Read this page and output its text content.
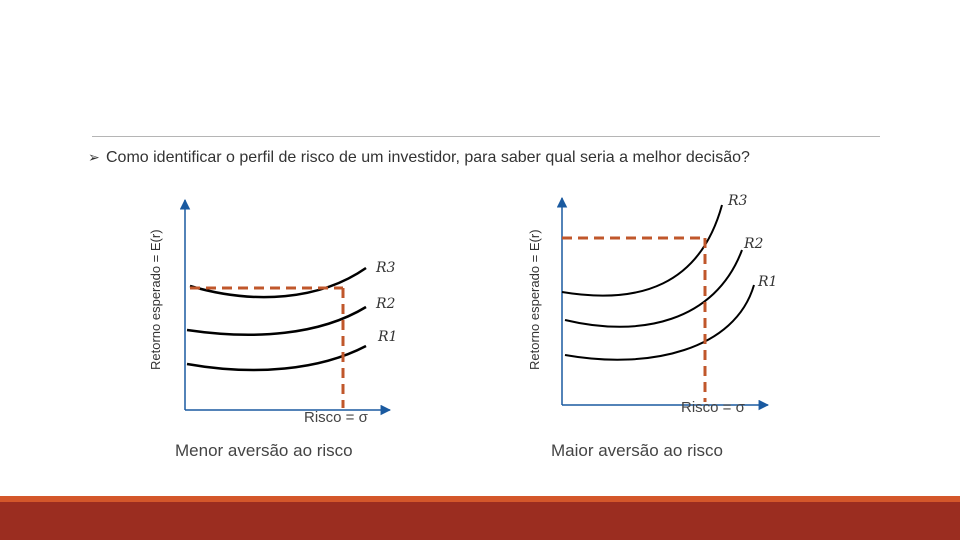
➢ Como identificar o perfil de risco de um investidor, para saber qual seria a melhor decisão?
R3
R2
R1
Risco = σ
Retorno esperado = E(r)
R3
R2
R1
Risco = σ
Retorno esperado = E(r)
Menor aversão ao risco	Maior aversão ao risco
